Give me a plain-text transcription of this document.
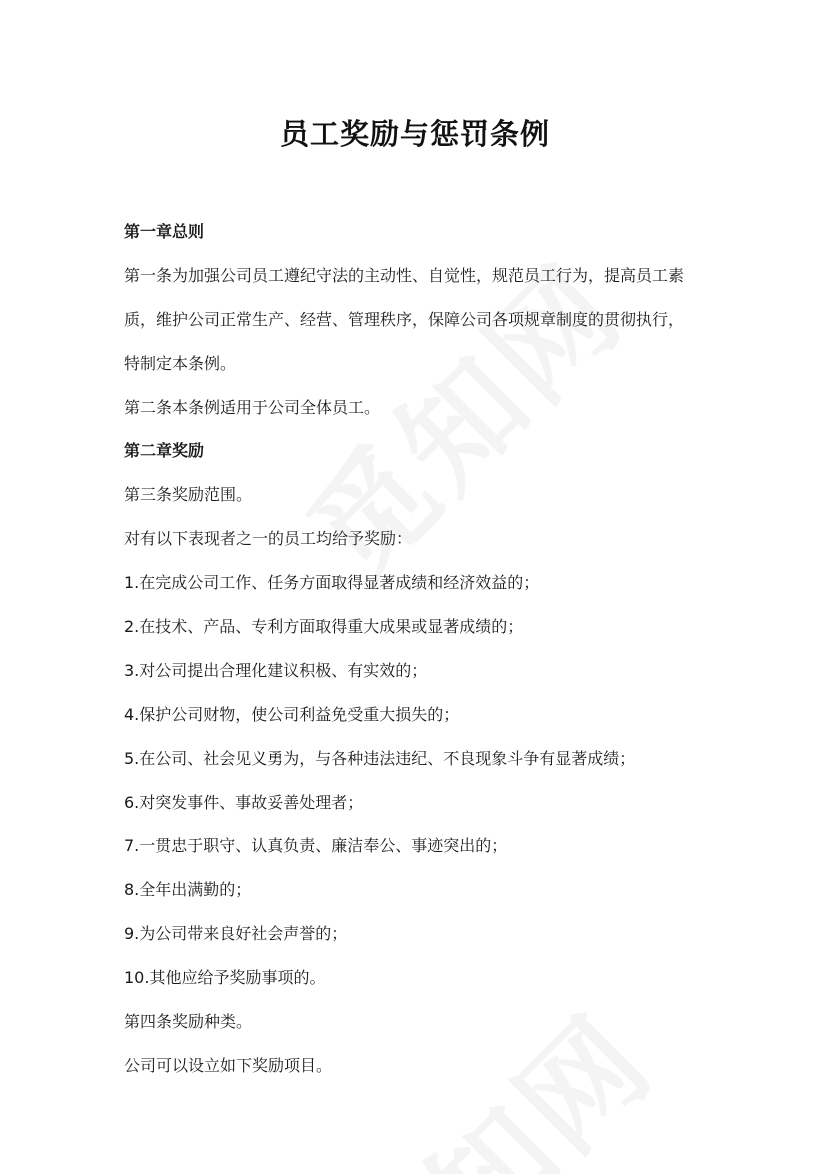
员工奖励与惩罚条例

第一章总则

第一条为加强公司员工遵纪守法的主动性、自觉性，规范员工行为，提高员工素

质，维护公司正常生产、经营、管理秩序，保障公司各项规章制度的贯彻执行，

特制定本条例。

第二条本条例适用于公司全体员工。

第二章奖励

第三条奖励范围。

对有以下表现者之一的员工均给予奖励：

1.在完成公司工作、任务方面取得显著成绩和经济效益的；

2.在技术、产品、专利方面取得重大成果或显著成绩的；

3.对公司提出合理化建议积极、有实效的；

4.保护公司财物，使公司利益免受重大损失的；

5.在公司、社会见义勇为，与各种违法违纪、不良现象斗争有显著成绩；

6.对突发事件、事故妥善处理者；

7.一贯忠于职守、认真负责、廉洁奉公、事迹突出的；

8.全年出满勤的；

9.为公司带来良好社会声誉的；

10.其他应给予奖励事项的。

第四条奖励种类。

公司可以设立如下奖励项目。
